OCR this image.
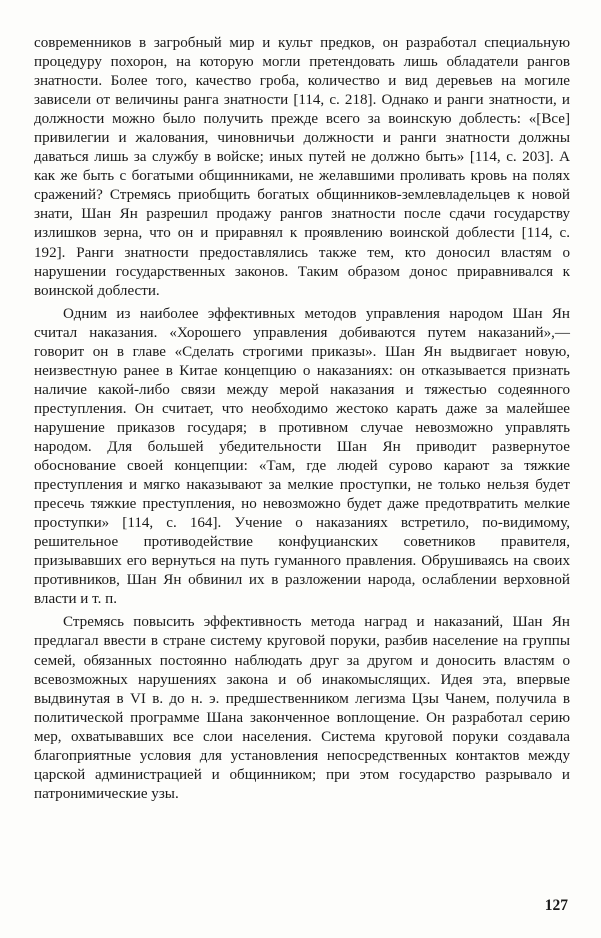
современников в загробный мир и культ предков, он разработал специальную процедуру похорон, на которую могли претендовать лишь обладатели рангов знатности. Более того, качество гроба, количество и вид деревьев на могиле зависели от величины ранга знатности [114, с. 218]. Однако и ранги знатности, и должности можно было получить прежде всего за воинскую доблесть: «[Все] привилегии и жалования, чиновничьи должности и ранги знатности должны даваться лишь за службу в войске; иных путей не должно быть» [114, с. 203]. А как же быть с богатыми общинниками, не желавшими проливать кровь на полях сражений? Стремясь приобщить богатых общинников-землевладельцев к новой знати, Шан Ян разрешил продажу рангов знатности после сдачи государству излишков зерна, что он и приравнял к проявлению воинской доблести [114, с. 192]. Ранги знатности предоставлялись также тем, кто доносил властям о нарушении государственных законов. Таким образом донос приравнивался к воинской доблести.

Одним из наиболее эффективных методов управления народом Шан Ян считал наказания. «Хорошего управления добиваются путем наказаний»,— говорит он в главе «Сделать строгими приказы». Шан Ян выдвигает новую, неизвестную ранее в Китае концепцию о наказаниях: он отказывается признать наличие какой-либо связи между мерой наказания и тяжестью содеянного преступления. Он считает, что необходимо жестоко карать даже за малейшее нарушение приказов государя; в противном случае невозможно управлять народом. Для большей убедительности Шан Ян приводит развернутое обоснование своей концепции: «Там, где людей сурово карают за тяжкие преступления и мягко наказывают за мелкие проступки, не только нельзя будет пресечь тяжкие преступления, но невозможно будет даже предотвратить мелкие проступки» [114, с. 164]. Учение о наказаниях встретило, по-видимому, решительное противодействие конфуцианских советников правителя, призывавших его вернуться на путь гуманного правления. Обрушиваясь на своих противников, Шан Ян обвинил их в разложении народа, ослаблении верховной власти и т. п.

Стремясь повысить эффективность метода наград и наказаний, Шан Ян предлагал ввести в стране систему круговой поруки, разбив население на группы семей, обязанных постоянно наблюдать друг за другом и доносить властям о всевозможных нарушениях закона и об инакомыслящих. Идея эта, впервые выдвинутая в VI в. до н. э. предшественником легизма Цзы Чанем, получила в политической программе Шана законченное воплощение. Он разработал серию мер, охватывавших все слои населения. Система круговой поруки создавала благоприятные условия для установления непосредственных контактов между царской администрацией и общинником; при этом государство разрывало и патронимические узы.

127
